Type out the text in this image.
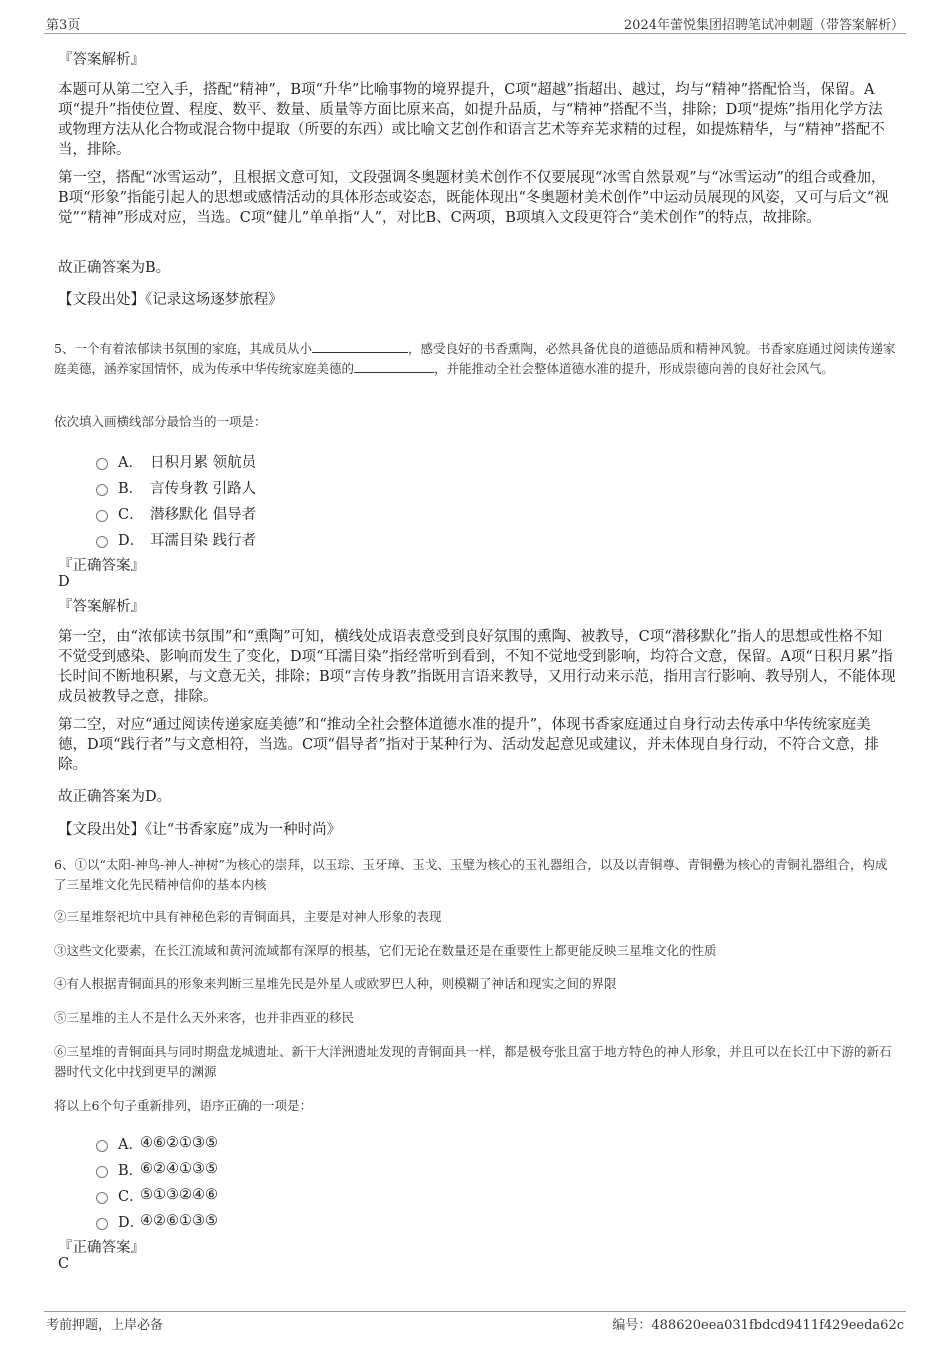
第3页	2024年蕾悦集团招聘笔试冲刺题（带答案解析）
『答案解析』

本题可从第二空入手，搭配“精神”，B项“升华”比喻事物的境界提升，C项“超越”指超出、越过，均与“精神”搭配恰当，保留。A项“提升”指使位置、程度、数平、数量、质量等方面比原来高，如提升品质，与“精神”搭配不当，排除；D项“提炼”指用化学方法或物理方法从化合物或混合物中提取（所要的东西）或比喻文艺创作和语言艺术等弃芜求精的过程，如提炼精华，与“精神”搭配不当，排除。

第一空，搭配“冰雪运动”，且根据文意可知，文段强调冬奥题材美术创作不仅要展现“冰雪自然景观”与“冰雪运动”的组合或叠加，B项“形象”指能引起人的思想或感情活动的具体形态或姿态，既能体现出“冬奥题材美术创作”中运动员展现的风姿，又可与后文“视觉”“精神”形成对应，当选。C项“健儿”单单指“人”，对比B、C两项，B项填入文段更符合“美术创作”的特点，故排除。

故正确答案为B。

【文段出处】《记录这场逐梦旅程》

5、一个有着浓郁读书氛围的家庭，其成员从小	，感受良好的书香熏陶，必然具备优良的道德品质和精神风貌。书香家庭通过阅读传递家庭美德，涵养家国情怀，成为传承中华传统家庭美德的	，并能推动全社会整体道德水准的提升，形成崇德向善的良好社会风气。

依次填入画横线部分最恰当的一项是：

A． 日积月累 领航员
B． 言传身教 引路人
C． 潜移默化 倡导者
D． 耳濡目染 践行者
『正确答案』
D
『答案解析』

第一空，由“浓郁读书氛围”和“熏陶”可知，横线处成语表意受到良好氛围的熏陶、被教导，C项“潜移默化”指人的思想或性格不知不觉受到感染、影响而发生了变化，D项“耳濡目染”指经常听到看到，不知不觉地受到影响，均符合文意，保留。A项“日积月累”指长时间不断地积累，与文意无关，排除；B项“言传身教”指既用言语来教导，又用行动来示范，指用言行影响、教导别人，不能体现成员被教导之意，排除。

第二空，对应“通过阅读传递家庭美德”和“推动全社会整体道德水准的提升”，体现书香家庭通过自身行动去传承中华传统家庭美德，D项“践行者”与文意相符，当选。C项“倡导者”指对于某种行为、活动发起意见或建议，并未体现自身行动，不符合文意，排除。

故正确答案为D。

【文段出处】《让“书香家庭”成为一种时尚》

6、①以“太阳-神鸟-神人-神树”为核心的崇拜，以玉琮、玉牙璋、玉戈、玉璧为核心的玉礼器组合，以及以青铜尊、青铜罍为核心的青铜礼器组合，构成了三星堆文化先民精神信仰的基本内核

②三星堆祭祀坑中具有神秘色彩的青铜面具，主要是对神人形象的表现

③这些文化要素，在长江流域和黄河流域都有深厚的根基，它们无论在数量还是在重要性上都更能反映三星堆文化的性质

④有人根据青铜面具的形象来判断三星堆先民是外星人或欧罗巴人种，则模糊了神话和现实之间的界限

⑤三星堆的主人不是什么天外来客，也并非西亚的移民

⑥三星堆的青铜面具与同时期盘龙城遗址、新干大洋洲遗址发现的青铜面具一样，都是极夸张且富于地方特色的神人形象，并且可以在长江中下游的新石器时代文化中找到更早的渊源

将以上6个句子重新排列，语序正确的一项是：

A．
④⑥②①③⑤
B．
⑥②④①③⑤
C．
⑤①③②④⑥
D．
④②⑥①③⑤
『正确答案』
C
考前押题，上岸必备	编号：488620eea031fbdcd9411f429eeda62c
